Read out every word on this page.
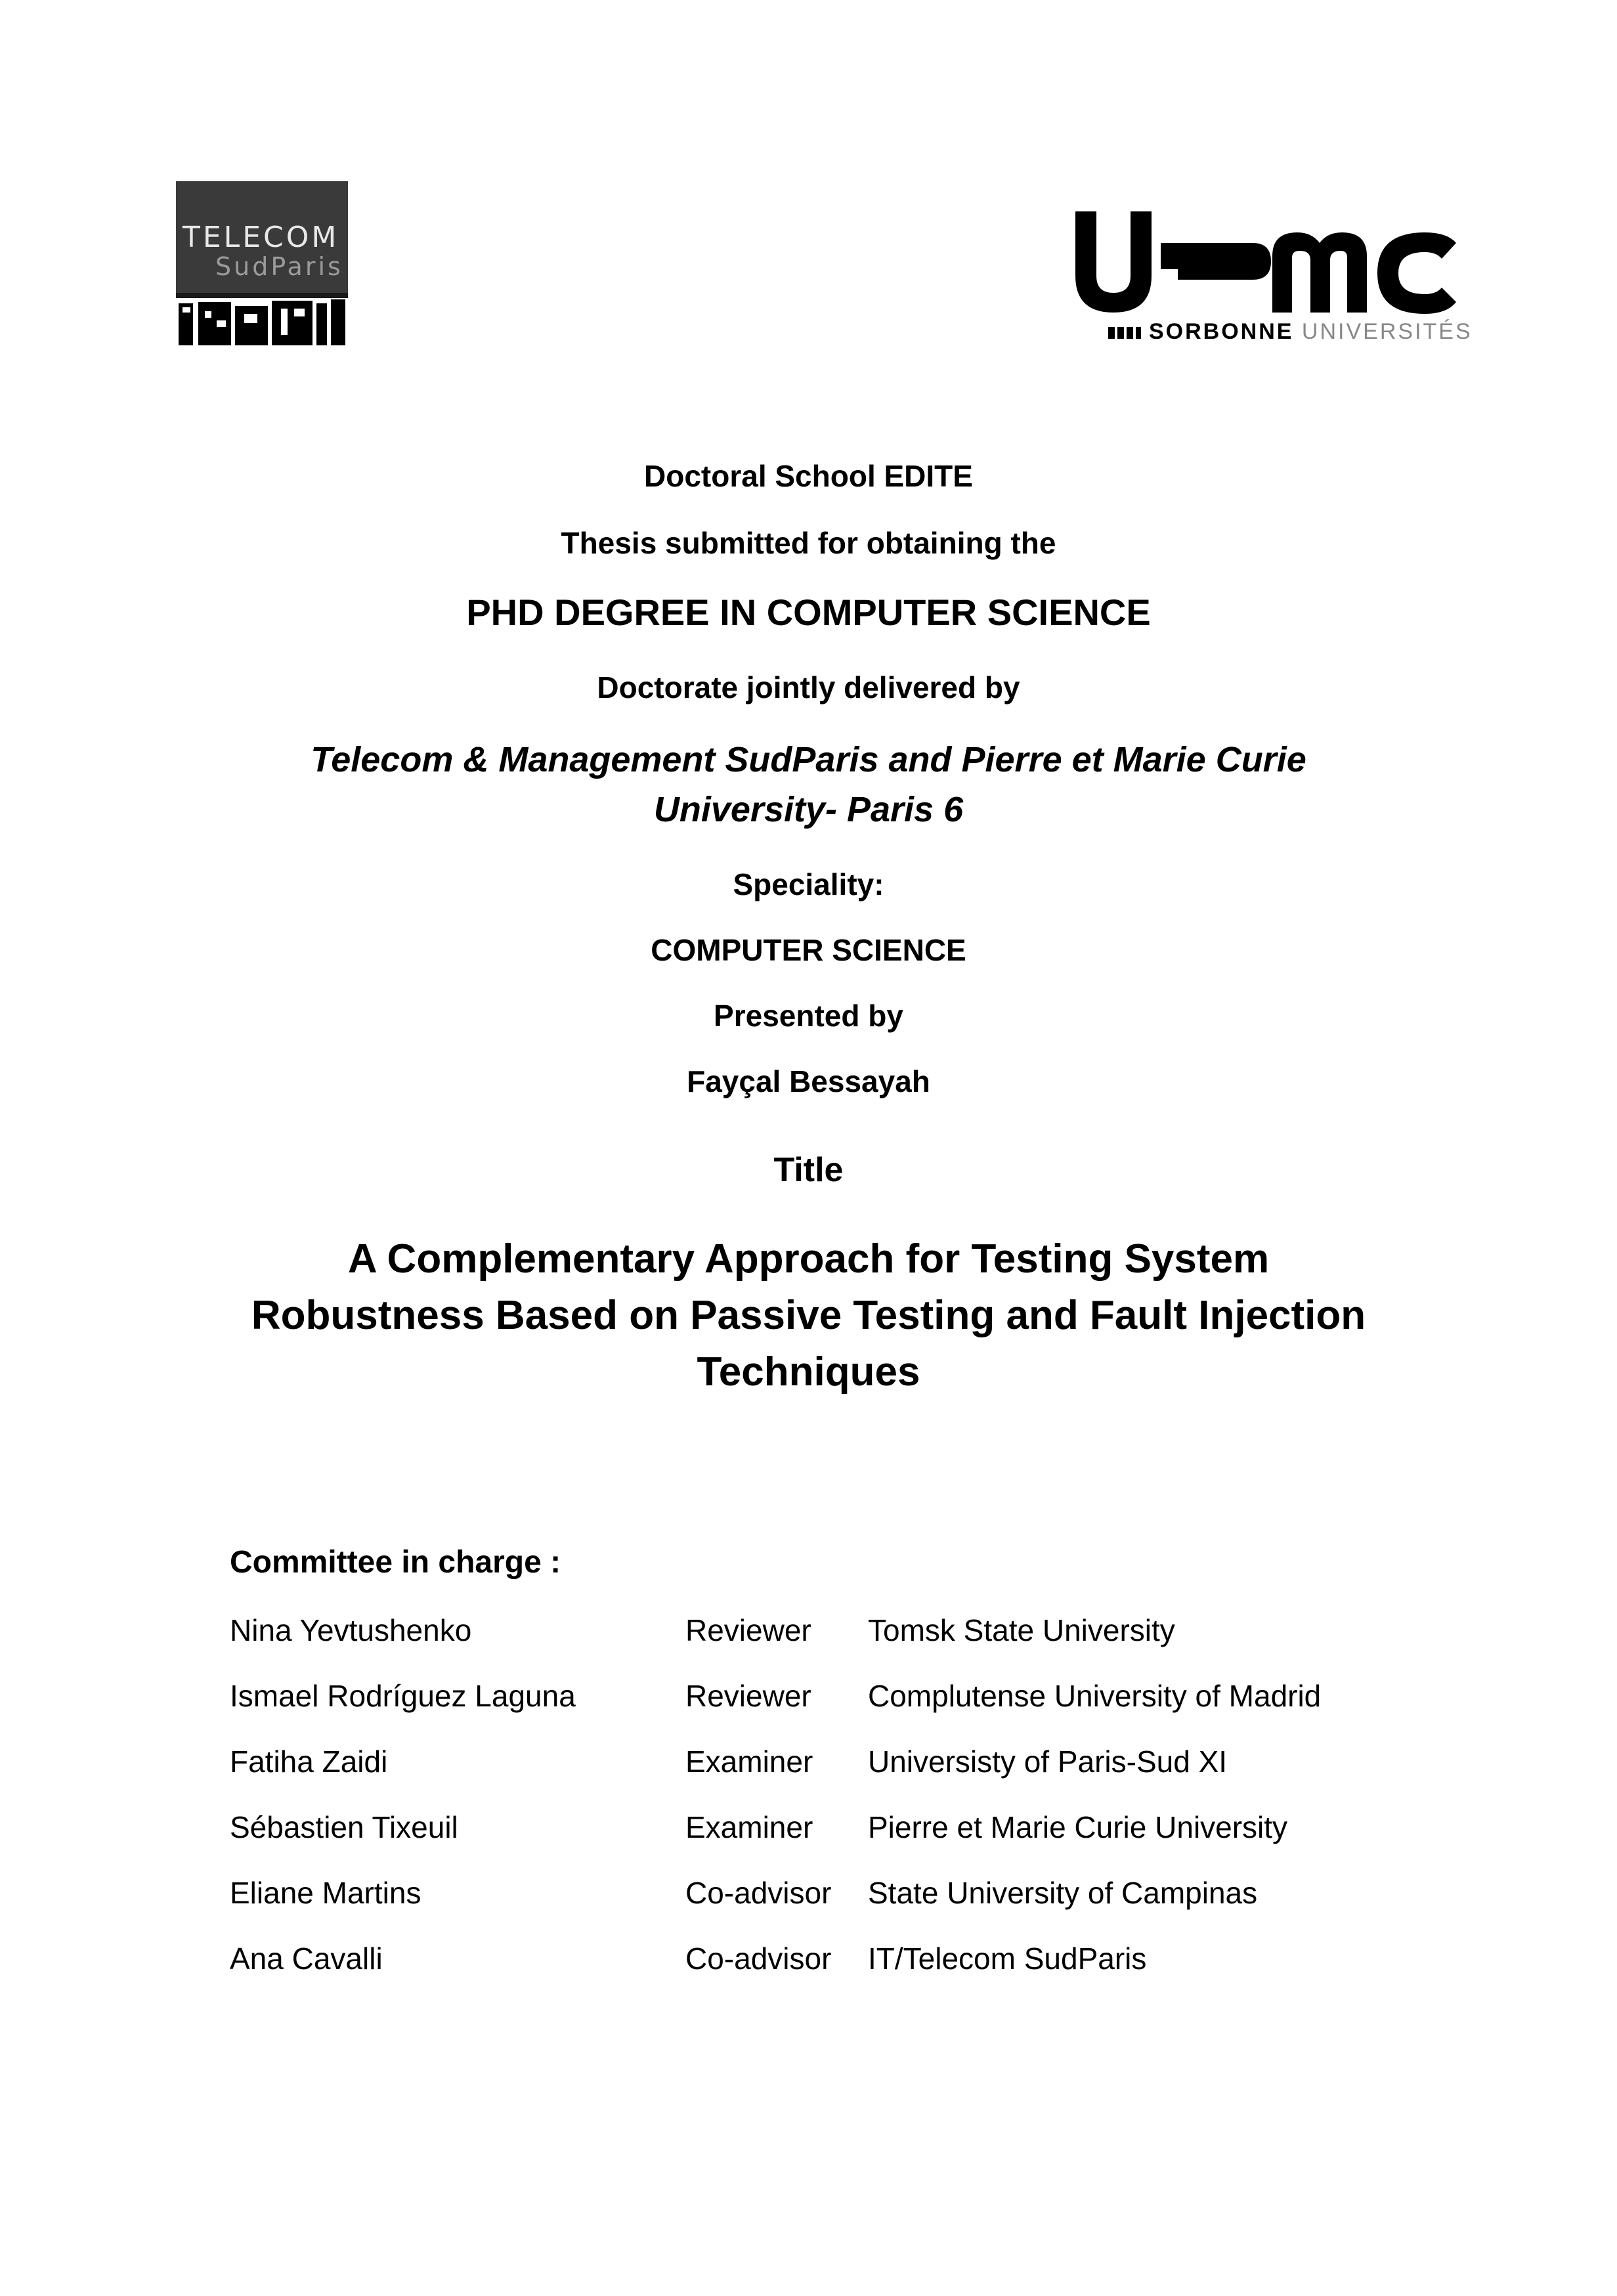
TELECOM
SudParis
SORBONNE UNIVERSITÉS
Doctoral School EDITE
Thesis submitted for obtaining the
PHD DEGREE IN COMPUTER SCIENCE
Doctorate jointly delivered by
Telecom & Management SudParis and Pierre et Marie Curie
University- Paris 6
Speciality:
COMPUTER SCIENCE
Presented by
Fayçal Bessayah
Title
A Complementary Approach for Testing System
Robustness Based on Passive Testing and Fault Injection
Techniques
Committee in charge :
Nina Yevtushenko	Reviewer Tomsk State University
Ismael Rodríguez Laguna	Reviewer Complutense University of Madrid
Fatiha Zaidi	Examiner Universisty of Paris-Sud XI
Sébastien Tixeuil	Examiner Pierre et Marie Curie University
Eliane Martins	Co-advisor State University of Campinas
Ana Cavalli	Co-advisor IT/Telecom SudParis
